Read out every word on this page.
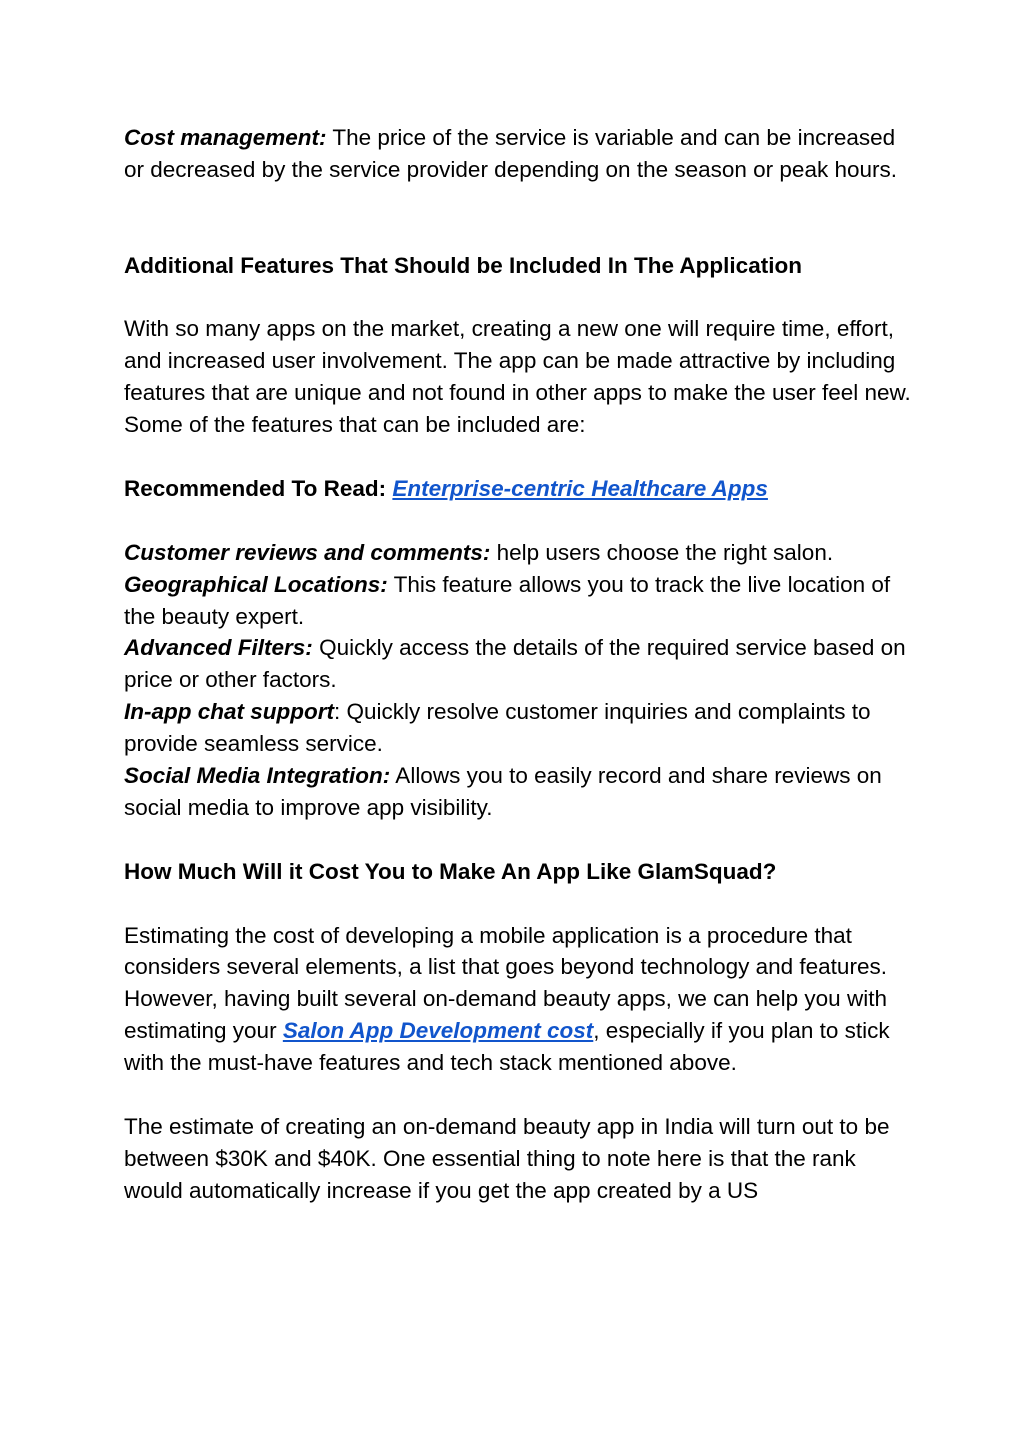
Cost management: The price of the service is variable and can be increased or decreased by the service provider depending on the season or peak hours.

Additional Features That Should be Included In The Application

With so many apps on the market, creating a new one will require time, effort, and increased user involvement. The app can be made attractive by including features that are unique and not found in other apps to make the user feel new. Some of the features that can be included are:

Recommended To Read: Enterprise-centric Healthcare Apps

Customer reviews and comments: help users choose the right salon.
Geographical Locations: This feature allows you to track the live location of the beauty expert.
Advanced Filters: Quickly access the details of the required service based on price or other factors.
In-app chat support: Quickly resolve customer inquiries and complaints to provide seamless service.
Social Media Integration: Allows you to easily record and share reviews on social media to improve app visibility.

How Much Will it Cost You to Make An App Like GlamSquad?

Estimating the cost of developing a mobile application is a procedure that considers several elements, a list that goes beyond technology and features. However, having built several on-demand beauty apps, we can help you with estimating your Salon App Development cost, especially if you plan to stick with the must-have features and tech stack mentioned above.

The estimate of creating an on-demand beauty app in India will turn out to be between $30K and $40K. One essential thing to note here is that the rank would automatically increase if you get the app created by a US
